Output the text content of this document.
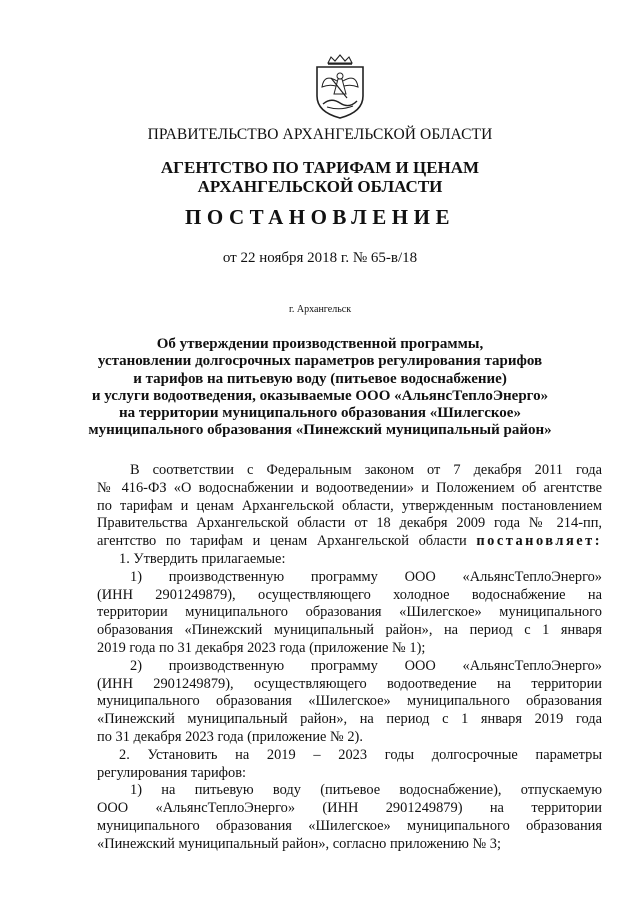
ПРАВИТЕЛЬСТВО АРХАНГЕЛЬСКОЙ ОБЛАСТИ
АГЕНТСТВО ПО ТАРИФАМ И ЦЕНАМ
АРХАНГЕЛЬСКОЙ ОБЛАСТИ
ПОСТАНОВЛЕНИЕ
от 22 ноября 2018 г. № 65-в/18
г. Архангельск
Об утверждении производственной программы,
установлении долгосрочных параметров регулирования тарифов
и тарифов на питьевую воду (питьевое водоснабжение)
и услуги водоотведения, оказываемые ООО «АльянсТеплоЭнерго»
на территории муниципального образования «Шилегское»
муниципального образования «Пинежский муниципальный район»
В соответствии с Федеральным законом от 7 декабря 2011 года
№ 416-ФЗ «О водоснабжении и водоотведении» и Положением об агентстве
по тарифам и ценам Архангельской области, утвержденным постановлением
Правительства Архангельской области от 18 декабря 2009 года № 214-пп,
агентство по тарифам и ценам Архангельской области постановляет:
1. Утвердить прилагаемые:
1) производственную программу ООО «АльянсТеплоЭнерго»
(ИНН 2901249879), осуществляющего холодное водоснабжение на
территории муниципального образования «Шилегское» муниципального
образования «Пинежский муниципальный район», на период с 1 января
2019 года по 31 декабря 2023 года (приложение № 1);
2) производственную программу ООО «АльянсТеплоЭнерго»
(ИНН 2901249879), осуществляющего водоотведение на территории
муниципального образования «Шилегское» муниципального образования
«Пинежский муниципальный район», на период с 1 января 2019 года
по 31 декабря 2023 года (приложение № 2).
2. Установить на 2019 – 2023 годы долгосрочные параметры
регулирования тарифов:
1) на питьевую воду (питьевое водоснабжение), отпускаемую
ООО «АльянсТеплоЭнерго» (ИНН 2901249879) на территории
муниципального образования «Шилегское» муниципального образования
«Пинежский муниципальный район», согласно приложению № 3;
